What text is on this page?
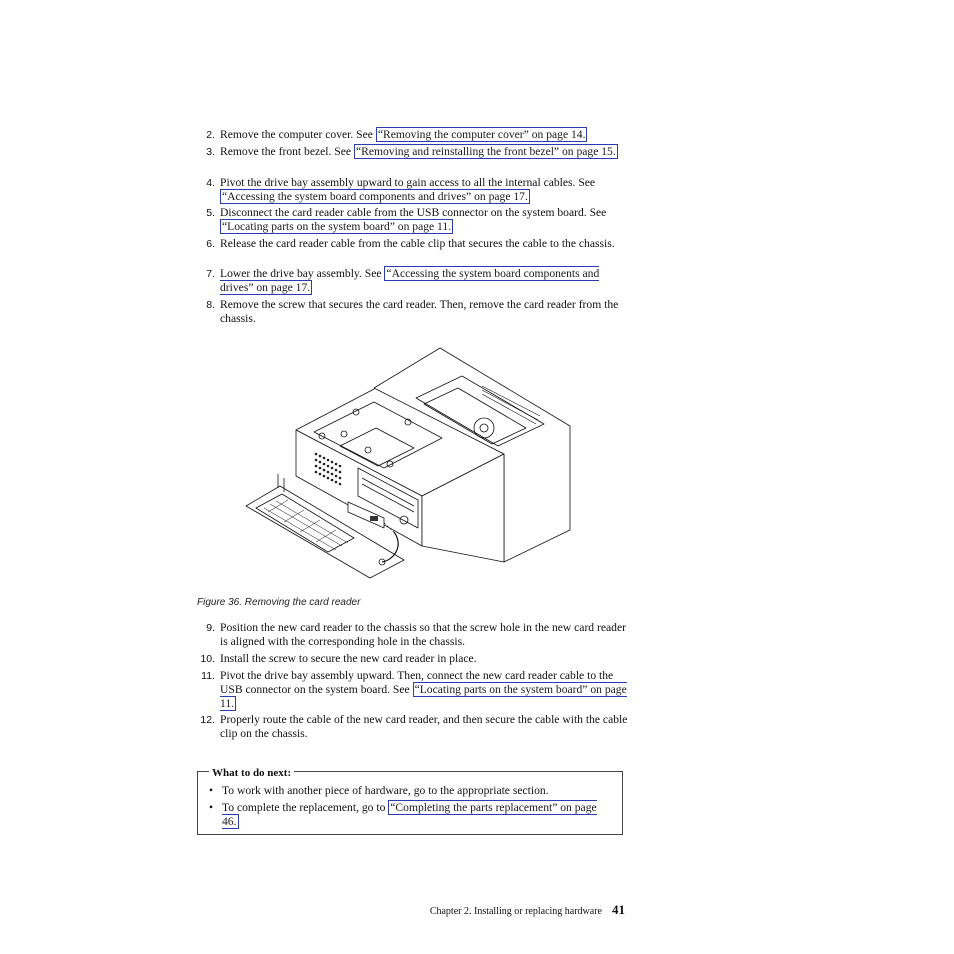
2. Remove the computer cover. See “Removing the computer cover” on page 14.
3. Remove the front bezel. See “Removing and reinstalling the front bezel” on page 15.
4. Pivot the drive bay assembly upward to gain access to all the internal cables. See “Accessing the system board components and drives” on page 17.
5. Disconnect the card reader cable from the USB connector on the system board. See “Locating parts on the system board” on page 11.
6. Release the card reader cable from the cable clip that secures the cable to the chassis.
7. Lower the drive bay assembly. See “Accessing the system board components and drives” on page 17.
8. Remove the screw that secures the card reader. Then, remove the card reader from the chassis.
Figure 36. Removing the card reader
9. Position the new card reader to the chassis so that the screw hole in the new card reader is aligned with the corresponding hole in the chassis.
10. Install the screw to secure the new card reader in place.
11. Pivot the drive bay assembly upward. Then, connect the new card reader cable to the USB connector on the system board. See “Locating parts on the system board” on page 11.
12. Properly route the cable of the new card reader, and then secure the cable with the cable clip on the chassis.
What to do next:
• To work with another piece of hardware, go to the appropriate section.
• To complete the replacement, go to “Completing the parts replacement” on page 46.
Chapter 2. Installing or replacing hardware 41
